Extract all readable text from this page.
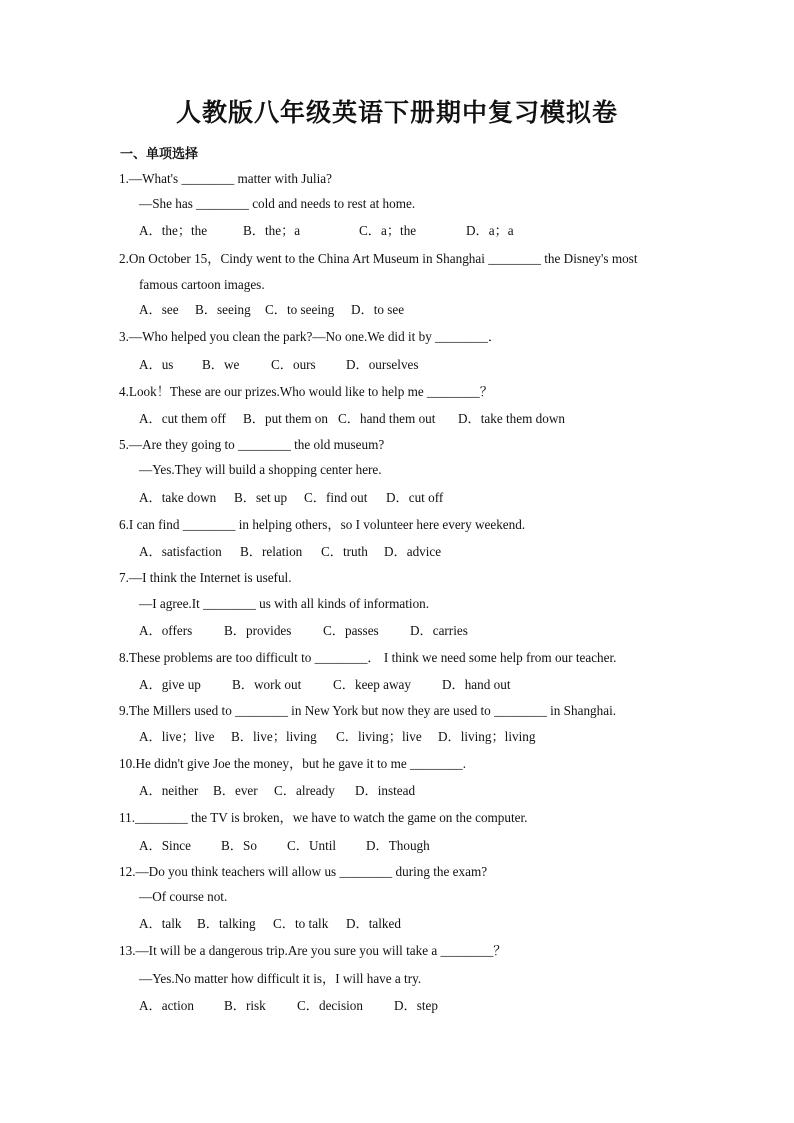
人教版八年级英语下册期中复习模拟卷
一、单项选择
1.—What's ________ matter with Julia?
—She has ________ cold and needs to rest at home.
A．the；the	B．the；a	C．a；the	D．a；a
2.On October 15，Cindy went to the China Art Museum in Shanghai ________ the Disney's most
famous cartoon images.
A．see B．seeing C．to seeing D．to see
3.—Who helped you clean the park?—No one.We did it by ________．
A．us B．we C．ours D．ourselves
4.Look！These are our prizes.Who would like to help me ________？
A．cut them off B．put them on C．hand them out D．take them down
5.—Are they going to ________ the old museum?
—Yes.They will build a shopping center here.
A．take down B．set up C．find out D．cut off
6.I can find ________ in helping others，so I volunteer here every weekend.
A．satisfaction B．relation C．truth D．advice
7.—I think the Internet is useful.
—I agree.It ________ us with all kinds of information.
A．offers B．provides C．passes D．carries
8.These problems are too difficult to ________． I think we need some help from our teacher.
A．give up B．work out C．keep away D．hand out
9.The Millers used to ________ in New York but now they are used to ________ in Shanghai.
A．live；live B．live；living C．living；live D．living；living
10.He didn't give Joe the money，but he gave it to me ________.
A．neither B．ever C．already D．instead
11.________ the TV is broken，we have to watch the game on the computer.
A．Since B．So C．Until D．Though
12.—Do you think teachers will allow us ________ during the exam?
—Of course not.
A．talk B．talking C．to talk D．talked
13.—It will be a dangerous trip.Are you sure you will take a ________？
—Yes.No matter how difficult it is，I will have a try.
A．action B．risk C．decision D．step
